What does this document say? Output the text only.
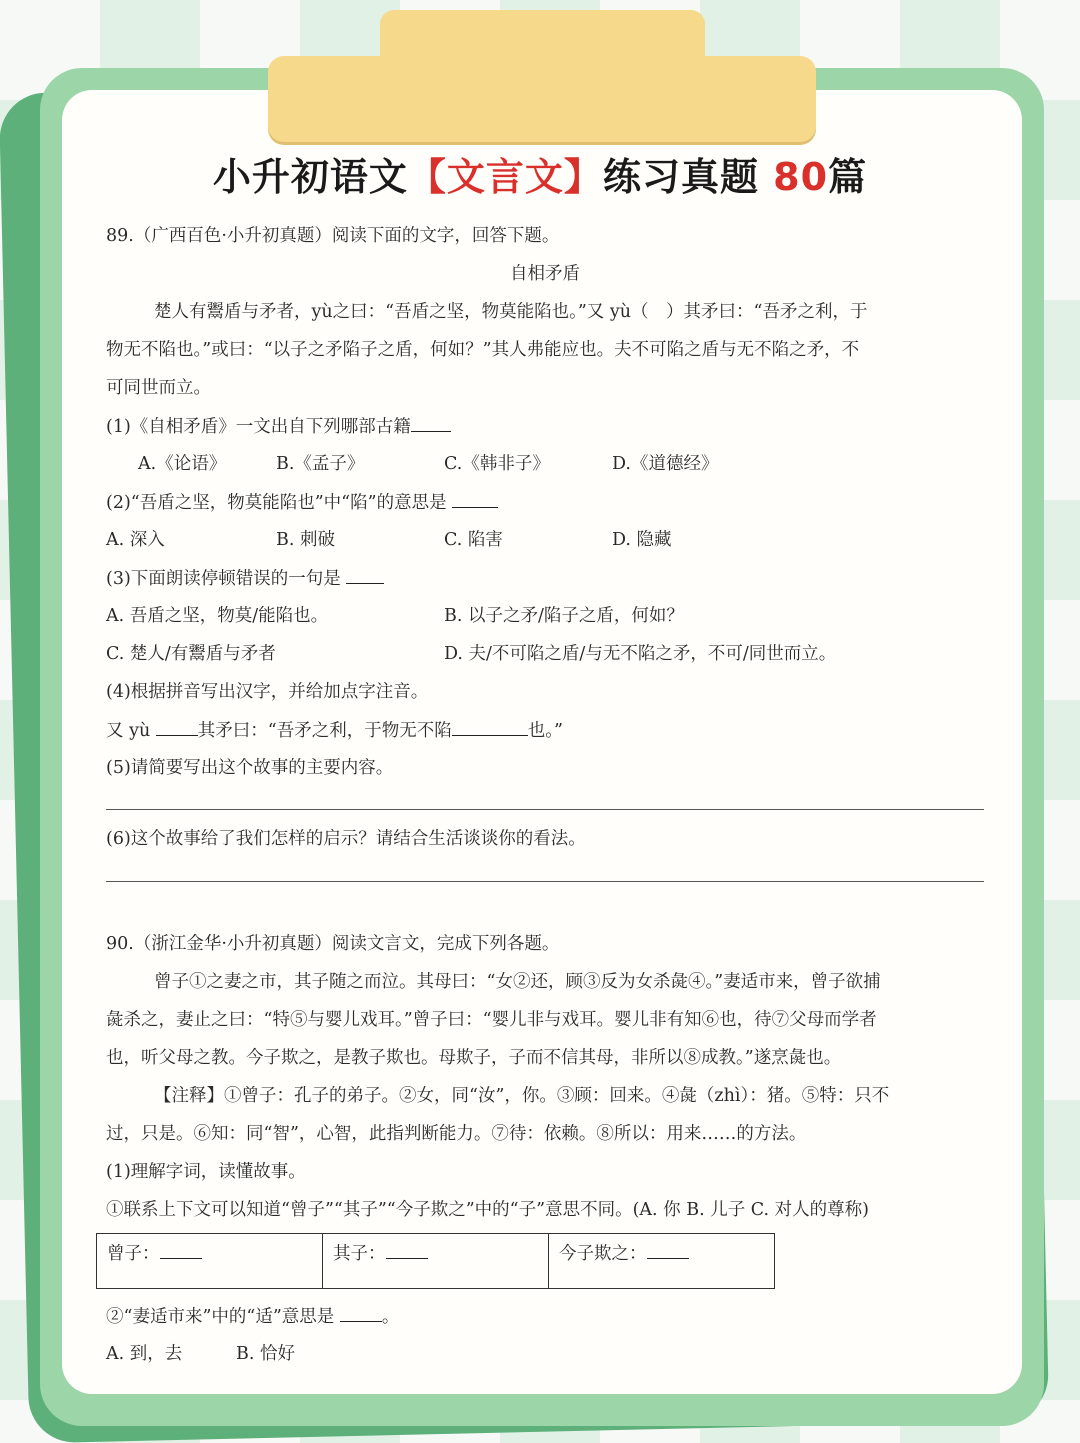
小升初语文【文言文】练习真题 80篇
89.（广西百色·小升初真题）阅读下面的文字，回答下题。
自相矛盾
楚人有鬻盾与矛者，yù之曰：“吾盾之坚，物莫能陷也。”又 yù（　）其矛曰：“吾矛之利，于
物无不陷也。”或曰：“以子之矛陷子之盾，何如？”其人弗能应也。夫不可陷之盾与无不陷之矛，不
可同世而立。
(1)《自相矛盾》一文出自下列哪部古籍
A.《论语》	B.《孟子》	C.《韩非子》	D.《道德经》
(2)“吾盾之坚，物莫能陷也”中“陷”的意思是
A. 深入	B. 刺破	C. 陷害	D. 隐藏
(3)下面朗读停顿错误的一句是
A. 吾盾之坚，物莫/能陷也。	B. 以子之矛/陷子之盾，何如？
C. 楚人/有鬻盾与矛者	D. 夫/不可陷之盾/与无不陷之矛，不可/同世而立。
(4)根据拼音写出汉字，并给加点字注音。
又 yù 其矛曰：“吾矛之利，于物无不陷	也。”
(5)请简要写出这个故事的主要内容。
(6)这个故事给了我们怎样的启示？请结合生活谈谈你的看法。
90.（浙江金华·小升初真题）阅读文言文，完成下列各题。
曾子①之妻之市，其子随之而泣。其母曰：“女②还，顾③反为女杀彘④。”妻适市来，曾子欲捕
彘杀之，妻止之曰：“特⑤与婴儿戏耳。”曾子曰：“婴儿非与戏耳。婴儿非有知⑥也，待⑦父母而学者
也，听父母之教。今子欺之，是教子欺也。母欺子，子而不信其母，非所以⑧成教。”遂烹彘也。
【注释】①曾子：孔子的弟子。②女，同“汝”，你。③顾：回来。④彘（zhì）：猪。⑤特：只不
过，只是。⑥知：同“智”，心智，此指判断能力。⑦待：依赖。⑧所以：用来……的方法。
(1)理解字词，读懂故事。
①联系上下文可以知道“曾子”“其子”“今子欺之”中的“子”意思不同。(A. 你 B. 儿子 C. 对人的尊称)
曾子：	其子：	今子欺之：
②“妻适市来”中的“适”意思是	。
A. 到，去	B. 恰好
